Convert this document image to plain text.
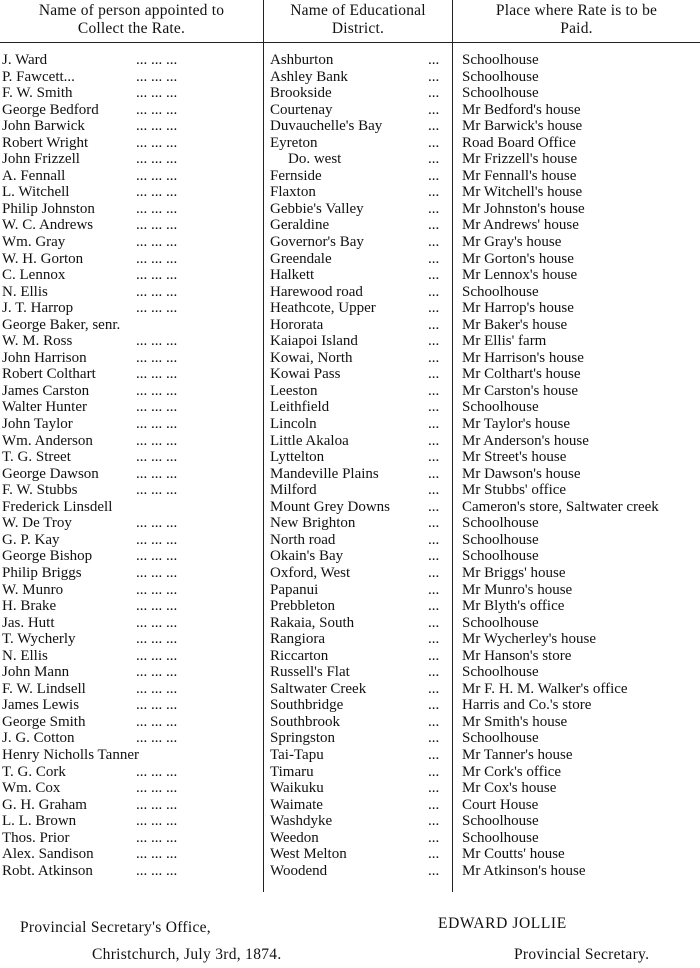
Name of person appointed to
Collect the Rate.
Name of Educational
District.
Place where Rate is to be
Paid.
J. Ward	... ... ...	Ashburton	... Schoolhouse
P. Fawcett...	... ... ...	Ashley Bank	... Schoolhouse
F. W. Smith	... ... ...	Brookside	... Schoolhouse
George Bedford	... ... ...	Courtenay	... Mr Bedford's house
John Barwick	... ... ...	Duvauchelle's Bay	... Mr Barwick's house
Robert Wright	... ... ...	Eyreton	... Road Board Office
John Frizzell	... ... ...	Do. west	... Mr Frizzell's house
A. Fennall	... ... ...	Fernside	... Mr Fennall's house
L. Witchell	... ... ...	Flaxton	... Mr Witchell's house
Philip Johnston	... ... ...	Gebbie's Valley	... Mr Johnston's house
W. C. Andrews	... ... ...	Geraldine	... Mr Andrews' house
Wm. Gray	... ... ...	Governor's Bay	... Mr Gray's house
W. H. Gorton	... ... ...	Greendale	... Mr Gorton's house
C. Lennox	... ... ...	Halkett	... Mr Lennox's house
N. Ellis	... ... ...	Harewood road	... Schoolhouse
J. T. Harrop	... ... ...	Heathcote, Upper	... Mr Harrop's house
George Baker, senr.	Hororata	... Mr Baker's house
W. M. Ross	... ... ...	Kaiapoi Island	... Mr Ellis' farm
John Harrison	... ... ...	Kowai, North	... Mr Harrison's house
Robert Colthart	... ... ...	Kowai Pass	... Mr Colthart's house
James Carston	... ... ...	Leeston	... Mr Carston's house
Walter Hunter	... ... ...	Leithfield	... Schoolhouse
John Taylor	... ... ...	Lincoln	... Mr Taylor's house
Wm. Anderson	... ... ...	Little Akaloa	... Mr Anderson's house
T. G. Street	... ... ...	Lyttelton	... Mr Street's house
George Dawson	... ... ...	Mandeville Plains	... Mr Dawson's house
F. W. Stubbs	... ... ...	Milford	... Mr Stubbs' office
Frederick Linsdell	Mount Grey Downs	... Cameron's store, Saltwater creek
W. De Troy	... ... ...	New Brighton	... Schoolhouse
G. P. Kay	... ... ...	North road	... Schoolhouse
George Bishop	... ... ...	Okain's Bay	... Schoolhouse
Philip Briggs	... ... ...	Oxford, West	... Mr Briggs' house
W. Munro	... ... ...	Papanui	... Mr Munro's house
H. Brake	... ... ...	Prebbleton	... Mr Blyth's office
Jas. Hutt	... ... ...	Rakaia, South	... Schoolhouse
T. Wycherly	... ... ...	Rangiora	... Mr Wycherley's house
N. Ellis	... ... ...	Riccarton	... Mr Hanson's store
John Mann	... ... ...	Russell's Flat	... Schoolhouse
F. W. Lindsell	... ... ...	Saltwater Creek	... Mr F. H. M. Walker's office
James Lewis	... ... ...	Southbridge	... Harris and Co.'s store
George Smith	... ... ...	Southbrook	... Mr Smith's house
J. G. Cotton	... ... ...	Springston	... Schoolhouse
Henry Nicholls Tanner	Tai-Tapu	... Mr Tanner's house
T. G. Cork	... ... ...	Timaru	... Mr Cork's office
Wm. Cox	... ... ...	Waikuku	... Mr Cox's house
G. H. Graham	... ... ...	Waimate	... Court House
L. L. Brown	... ... ...	Washdyke	... Schoolhouse
Thos. Prior	... ... ...	Weedon	... Schoolhouse
Alex. Sandison	... ... ...	West Melton	... Mr Coutts' house
Robt. Atkinson	... ... ...	Woodend	... Mr Atkinson's house
Provincial Secretary's Office,
Christchurch, July 3rd, 1874.
EDWARD JOLLIE
Provincial Secretary.
